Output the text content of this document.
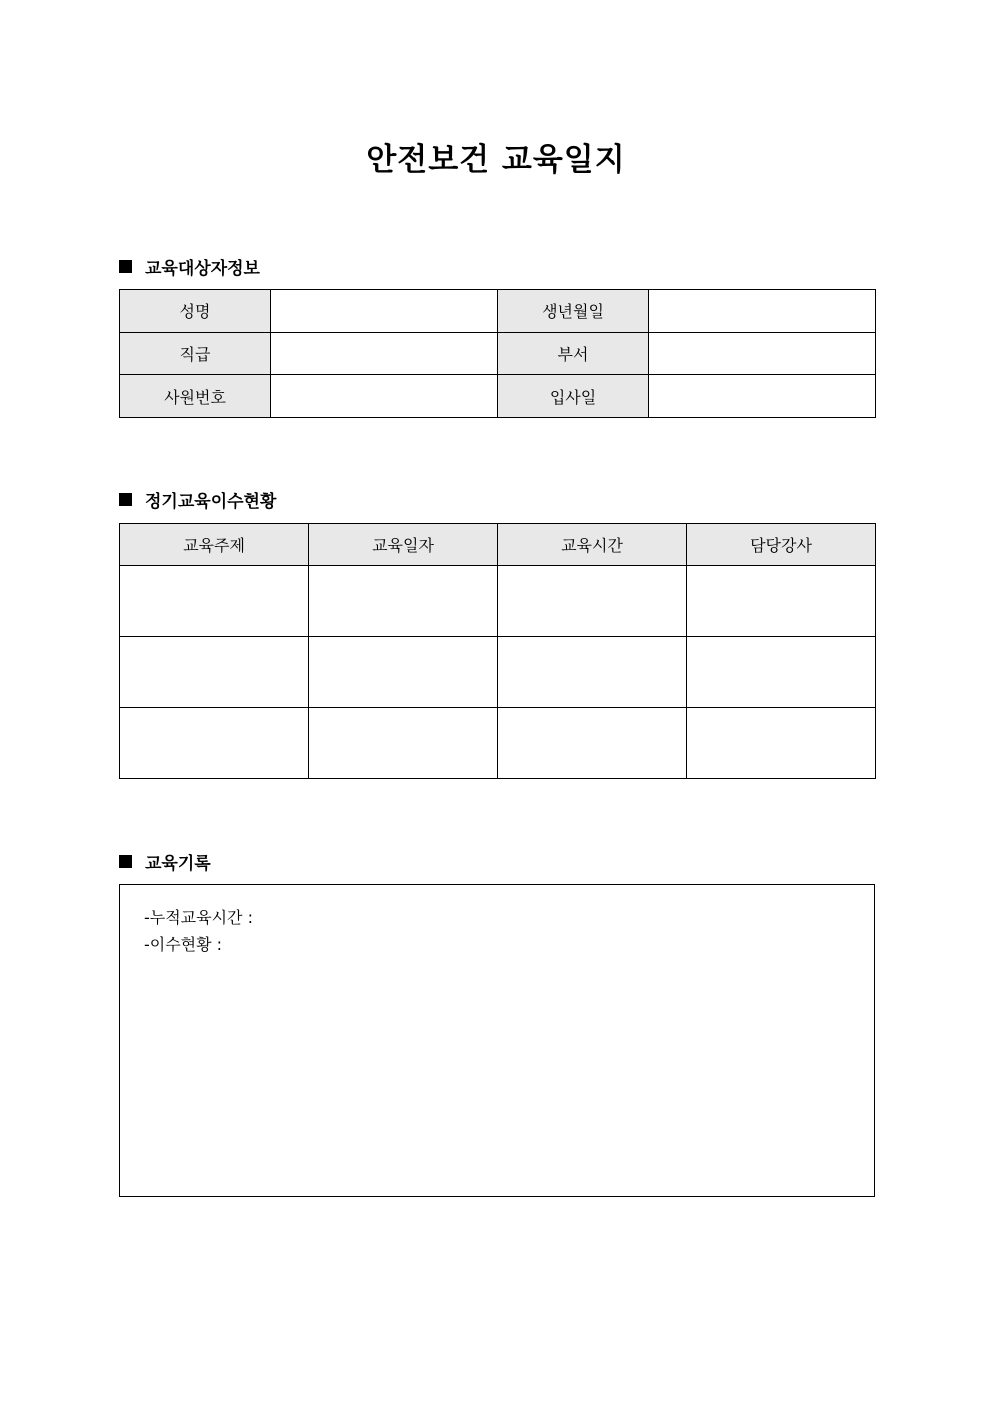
안전보건 교육일지
교육대상자정보
성명		생년월일	
직급		부서	
사원번호		입사일	
정기교육이수현황
교육주제	교육일자	교육시간	담당강사

교육기록
-누적교육시간 :
-이수현황 :
